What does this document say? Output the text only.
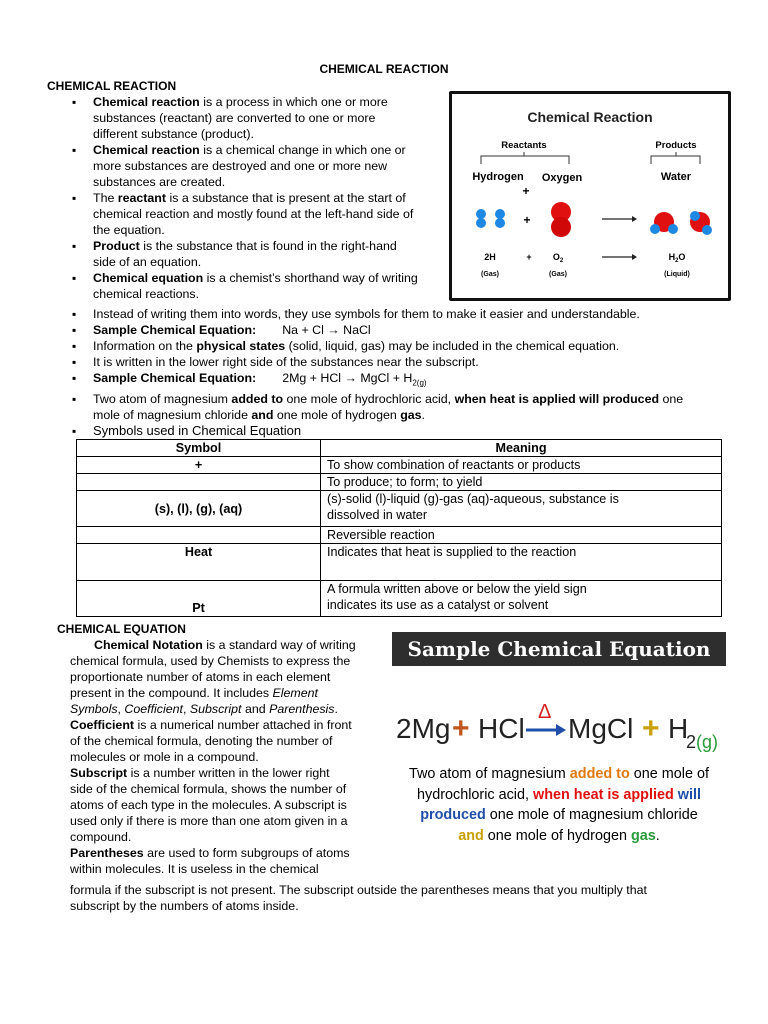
CHEMICAL REACTION
CHEMICAL REACTION
▪ Chemical reaction is a process in which one or more
substances (reactant) are converted to one or more
different substance (product).
▪ Chemical reaction is a chemical change in which one or
more substances are destroyed and one or more new
substances are created.
▪ The reactant is a substance that is present at the start of
chemical reaction and mostly found at the left-hand side of
the equation.
▪ Product is the substance that is found in the right-hand
side of an equation.
▪ Chemical equation is a chemist’s shorthand way of writing
chemical reactions.
▪ Instead of writing them into words, they use symbols for them to make it easier and understandable.
▪ Sample Chemical Equation: Na + Cl → NaCl
▪ Information on the physical states (solid, liquid, gas) may be included in the chemical equation.
▪ It is written in the lower right side of the substances near the subscript.
▪ Sample Chemical Equation: 2Mg + HCl → MgCl + $H_{2(g)}$
▪ Two atom of magnesium added to one mole of hydrochloric acid, when heat is applied will produced one
mole of magnesium chloride and one mole of hydrogen gas.
▪ Symbols used in Chemical Equation
Chemical Reaction
Reactants	Products
Hydrogen Oxygen
+
Water
+
2H	+ $O_2$	$H_2O$
(Gas)	(Gas)	(Liquid)
Symbol	Meaning
+	To show combination of reactants or products
	To produce; to form; to yield
(s), (l), (g), (aq)	(s)-solid (l)-liquid (g)-gas (aq)-aqueous, substance is
dissolved in water
	Reversible reaction
Heat	Indicates that heat is supplied to the reaction
Pt	A formula written above or below the yield sign
indicates its use as a catalyst or solvent
CHEMICAL EQUATION
Chemical Notation is a standard way of writing
chemical formula, used by Chemists to express the
proportionate number of atoms in each element
present in the compound. It includes Element
Symbols, Coefficient, Subscript and Parenthesis.
Coefficient is a numerical number attached in front
of the chemical formula, denoting the number of
molecules or mole in a compound.
Subscript is a number written in the lower right
side of the chemical formula, shows the number of
atoms of each type in the molecules. A subscript is
used only if there is more than one atom given in a
compound.
Parentheses are used to form subgroups of atoms
within molecules. It is useless in the chemical
formula if the subscript is not present. The subscript outside the parentheses means that you multiply that
subscript by the numbers of atoms inside.
Sample Chemical Equation
2Mg + HCl
Δ
MgCl + H
2 (g)
Two atom of magnesium added to one mole of
hydrochloric acid, when heat is applied will
produced one mole of magnesium chloride
and one mole of hydrogen gas.
